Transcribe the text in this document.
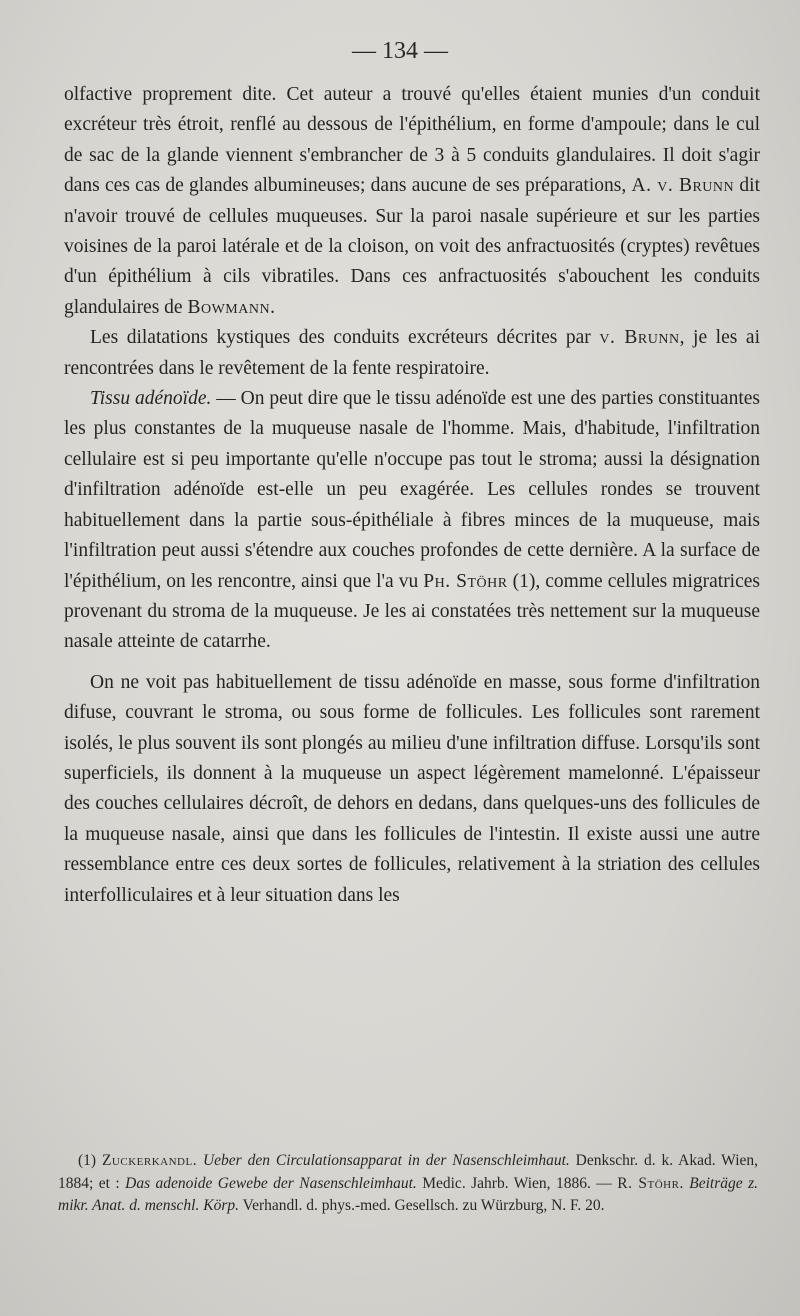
— 134 —

olfactive proprement dite. Cet auteur a trouvé qu'elles étaient munies d'un conduit excréteur très étroit, renflé au dessous de l'épithélium, en forme d'ampoule; dans le cul de sac de la glande viennent s'embrancher de 3 à 5 conduits glandulaires. Il doit s'agir dans ces cas de glandes albumineuses; dans aucune de ses préparations, A. v. Brunn dit n'avoir trouvé de cellules muqueuses. Sur la paroi nasale supérieure et sur les parties voisines de la paroi latérale et de la cloison, on voit des anfractuosités (cryptes) revêtues d'un épithélium à cils vibratiles. Dans ces anfractuosités s'abouchent les conduits glandulaires de Bowmann.

Les dilatations kystiques des conduits excréteurs décrites par v. Brunn, je les ai rencontrées dans le revêtement de la fente respiratoire.

Tissu adénoïde. — On peut dire que le tissu adénoïde est une des parties constituantes les plus constantes de la muqueuse nasale de l'homme. Mais, d'habitude, l'infiltration cellulaire est si peu importante qu'elle n'occupe pas tout le stroma; aussi la désignation d'infiltration adénoïde est-elle un peu exagérée. Les cellules rondes se trouvent habituellement dans la partie sous-épithéliale à fibres minces de la muqueuse, mais l'infiltration peut aussi s'étendre aux couches profondes de cette dernière. A la surface de l'épithélium, on les rencontre, ainsi que l'a vu Ph. Stöhr (1), comme cellules migratrices provenant du stroma de la muqueuse. Je les ai constatées très nettement sur la muqueuse nasale atteinte de catarrhe.

On ne voit pas habituellement de tissu adénoïde en masse, sous forme d'infiltration difuse, couvrant le stroma, ou sous forme de follicules. Les follicules sont rarement isolés, le plus souvent ils sont plongés au milieu d'une infiltration diffuse. Lorsqu'ils sont superficiels, ils donnent à la muqueuse un aspect légèrement mamelonné. L'épaisseur des couches cellulaires décroît, de dehors en dedans, dans quelques-uns des follicules de la muqueuse nasale, ainsi que dans les follicules de l'intestin. Il existe aussi une autre ressemblance entre ces deux sortes de follicules, relativement à la striation des cellules interfolliculaires et à leur situation dans les

(1) Zuckerkandl. Ueber den Circulationsapparat in der Nasenschleimhaut. Denkschr. d. k. Akad. Wien, 1884; et : Das adenoide Gewebe der Nasenschleimhaut. Medic. Jahrb. Wien, 1886. — R. Stöhr. Beiträge z. mikr. Anat. d. menschl. Körp. Verhandl. d. phys.-med. Gesellsch. zu Würzburg, N. F. 20.
